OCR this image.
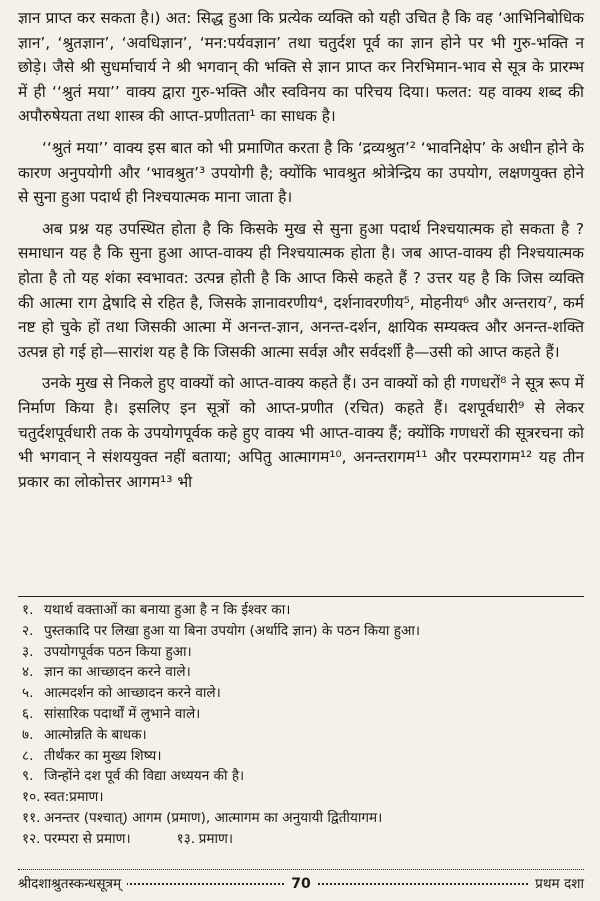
ज्ञान प्राप्त कर सकता है।) अत: सिद्ध हुआ कि प्रत्येक व्यक्ति को यही उचित है कि वह ‘आभिनिबोधिक ज्ञान’, ‘श्रुतज्ञान’, ‘अवधिज्ञान’, ‘मन:पर्यवज्ञान’ तथा चतुर्दश पूर्व का ज्ञान होने पर भी गुरु-भक्ति न छोड़े। जैसे श्री सुधर्माचार्य ने श्री भगवान् की भक्ति से ज्ञान प्राप्त कर निरभिमान-भाव से सूत्र के प्रारम्भ में ही ‘‘श्रुतं मया’’ वाक्य द्वारा गुरु-भक्ति और स्वविनय का परिचय दिया। फलत: यह वाक्य शब्द की अपौरुषेयता तथा शास्त्र की आप्त-प्रणीतता¹ का साधक है।

‘‘श्रुतं मया’’ वाक्य इस बात को भी प्रमाणित करता है कि ‘द्रव्यश्रुत’² ‘भावनिक्षेप’ के अधीन होने के कारण अनुपयोगी और ‘भावश्रुत’³ उपयोगी है; क्योंकि भावश्रुत श्रोत्रेन्द्रिय का उपयोग, लक्षणयुक्त होने से सुना हुआ पदार्थ ही निश्चयात्मक माना जाता है।

अब प्रश्न यह उपस्थित होता है कि किसके मुख से सुना हुआ पदार्थ निश्चयात्मक हो सकता है ? समाधान यह है कि सुना हुआ आप्त-वाक्य ही निश्चयात्मक होता है। जब आप्त-वाक्य ही निश्चयात्मक होता है तो यह शंका स्वभावत: उत्पन्न होती है कि आप्त किसे कहते हैं ? उत्तर यह है कि जिस व्यक्ति की आत्मा राग द्वेषादि से रहित है, जिसके ज्ञानावरणीय⁴, दर्शनावरणीय⁵, मोहनीय⁶ और अन्तराय⁷, कर्म नष्ट हो चुके हों तथा जिसकी आत्मा में अनन्त-ज्ञान, अनन्त-दर्शन, क्षायिक सम्यक्त्व और अनन्त-शक्ति उत्पन्न हो गई हो—सारांश यह है कि जिसकी आत्मा सर्वज्ञ और सर्वदर्शी है—उसी को आप्त कहते हैं।

उनके मुख से निकले हुए वाक्यों को आप्त-वाक्य कहते हैं। उन वाक्यों को ही गणधरों⁸ ने सूत्र रूप में निर्माण किया है। इसलिए इन सूत्रों को आप्त-प्रणीत (रचित) कहते हैं। दशपूर्वधारी⁹ से लेकर चतुर्दशपूर्वधारी तक के उपयोगपूर्वक कहे हुए वाक्य भी आप्त-वाक्य हैं; क्योंकि गणधरों की सूत्ररचना को भी भगवान् ने संशययुक्त नहीं बताया; अपितु आत्मागम¹⁰, अनन्तरागम¹¹ और परम्परागम¹² यह तीन प्रकार का लोकोत्तर आगम¹³ भी

१. यथार्थ वक्ताओं का बनाया हुआ है न कि ईश्वर का।
२. पुस्तकादि पर लिखा हुआ या बिना उपयोग (अर्थादि ज्ञान) के पठन किया हुआ।
३. उपयोगपूर्वक पठन किया हुआ।
४. ज्ञान का आच्छादन करने वाले।
५. आत्मदर्शन को आच्छादन करने वाले।
६. सांसारिक पदार्थों में लुभाने वाले।
७. आत्मोन्नति के बाधक।
८. तीर्थंकर का मुख्य शिष्य।
९. जिन्होंने दश पूर्व की विद्या अध्ययन की है।
१०. स्वत:प्रमाण।
११. अनन्तर (पश्चात्) आगम (प्रमाण), आत्मागम का अनुयायी द्वितीयागम।
१२. परम्परा से प्रमाण।	१३. प्रमाण।
श्रीदशाश्रुतस्कन्धसूत्रम्	70	प्रथम दशा
